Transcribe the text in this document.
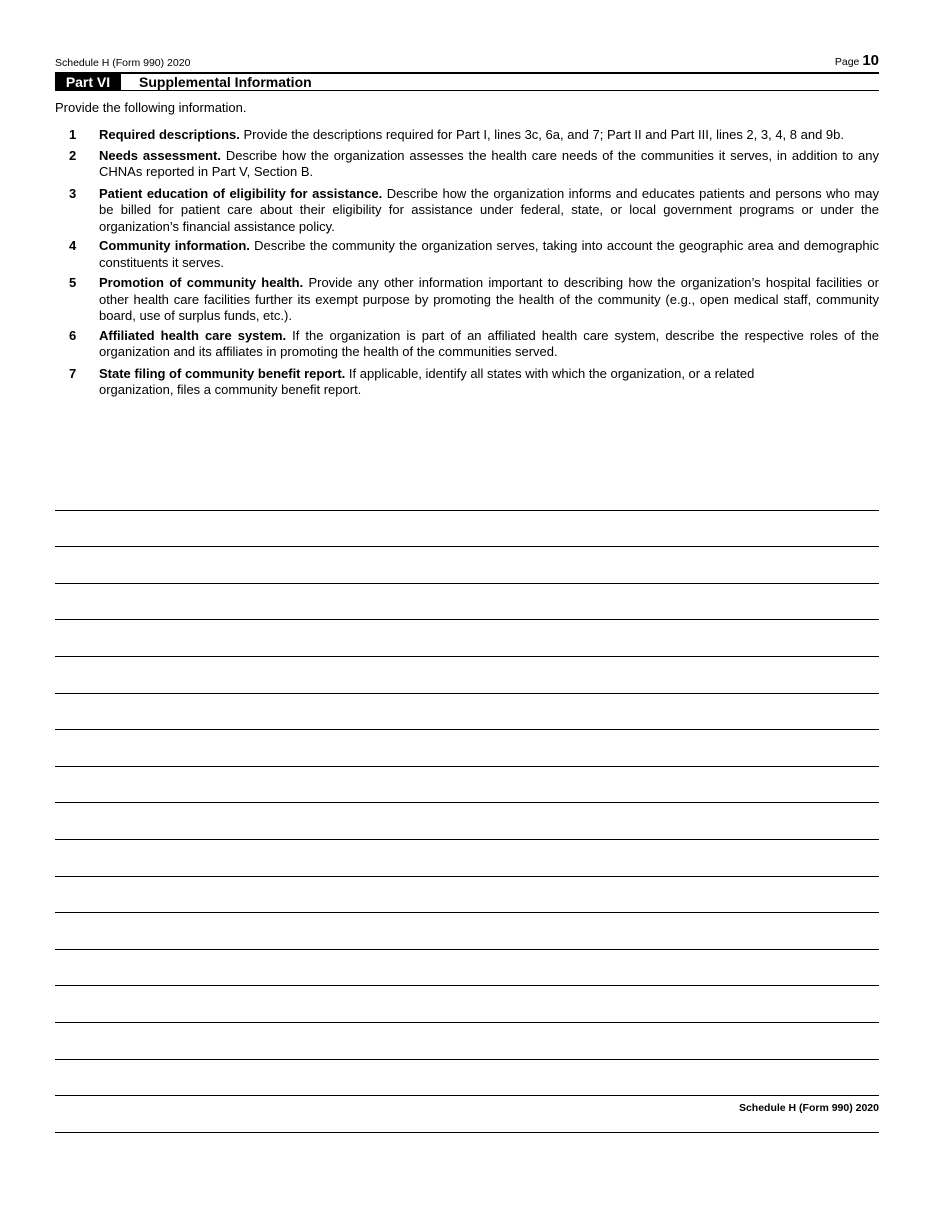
Schedule H (Form 990) 2020	Page 10
Part VI	Supplemental Information
Provide the following information.
1 Required descriptions. Provide the descriptions required for Part I, lines 3c, 6a, and 7; Part II and Part III, lines 2, 3, 4, 8 and 9b.
2 Needs assessment. Describe how the organization assesses the health care needs of the communities it serves, in addition to any CHNAs reported in Part V, Section B.
3 Patient education of eligibility for assistance. Describe how the organization informs and educates patients and persons who may be billed for patient care about their eligibility for assistance under federal, state, or local government programs or under the organization’s financial assistance policy.
4 Community information. Describe the community the organization serves, taking into account the geographic area and demographic constituents it serves.
5 Promotion of community health. Provide any other information important to describing how the organization’s hospital facilities or other health care facilities further its exempt purpose by promoting the health of the community (e.g., open medical staff, community board, use of surplus funds, etc.).
6 Affiliated health care system. If the organization is part of an affiliated health care system, describe the respective roles of the organization and its affiliates in promoting the health of the communities served.
7 State filing of community benefit report. If applicable, identify all states with which the organization, or a related organization, files a community benefit report.
Schedule H (Form 990) 2020
